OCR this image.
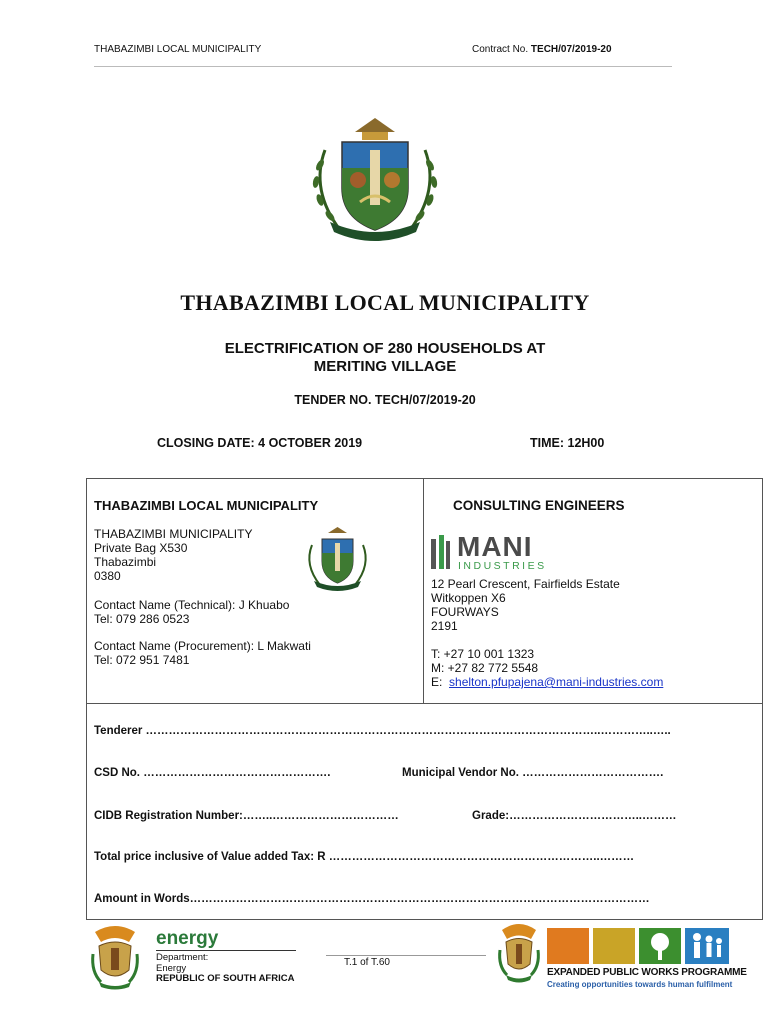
THABAZIMBI LOCAL MUNICIPALITY	Contract No. TECH/07/2019-20
THABAZIMBI LOCAL MUNICIPALITY
ELECTRIFICATION OF 280 HOUSEHOLDS AT
MERITING VILLAGE
TENDER NO. TECH/07/2019-20
CLOSING DATE: 4 OCTOBER 2019	TIME: 12H00
THABAZIMBI LOCAL MUNICIPALITY
THABAZIMBI MUNICIPALITY
Private Bag X530
Thabazimbi
0380
Contact Name (Technical): J Khuabo
Tel: 079 286 0523
Contact Name (Procurement): L Makwati
Tel: 072 951 7481
CONSULTING ENGINEERS
MANI
INDUSTRIES
12 Pearl Crescent, Fairfields Estate
Witkoppen X6
FOURWAYS
2191
T: +27 10 001 1323
M: +27 82 772 5548
E: shelton.pfupajena@mani-industries.com
Tenderer ………………………………………………………………………………………………………..…………..…..
CSD No. ………………………………………….	Municipal Vendor No. ……………………………….
CIDB Registration Number:……..……………………………	Grade:……………………………..………
Total price inclusive of Value added Tax: R ……………………………………………………………..………
Amount in Words…………………………………………………………………………………………………………
energy
Department:
Energy
REPUBLIC OF SOUTH AFRICA
T.1 of T.60
EXPANDED PUBLIC WORKS PROGRAMME
Creating opportunities towards human fulfilment
